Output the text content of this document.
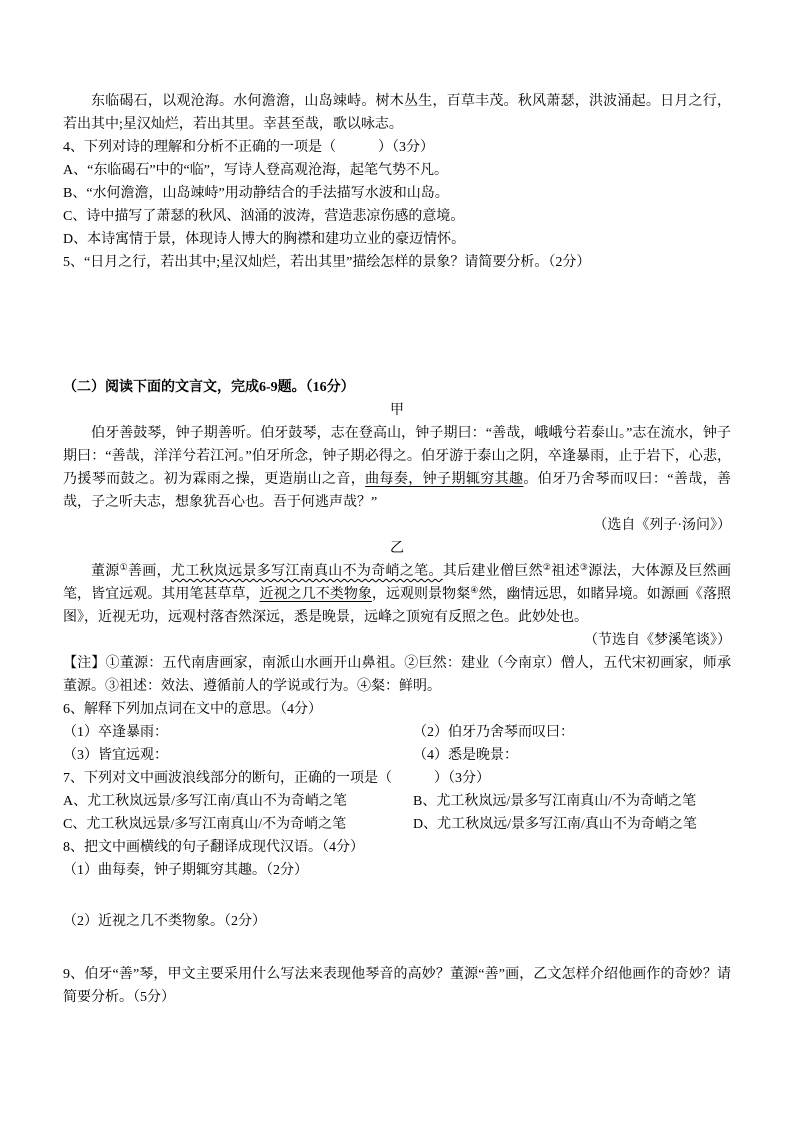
东临碣石，以观沧海。水何澹澹，山岛竦峙。树木丛生，百草丰茂。秋风萧瑟，洪波涌起。日月之行，若出其中;星汉灿烂，若出其里。幸甚至哉，歌以咏志。

4、下列对诗的理解和分析不正确的一项是（　　　）（3分）

A、“东临碣石”中的“临”，写诗人登高观沧海，起笔气势不凡。

B、“水何澹澹，山岛竦峙”用动静结合的手法描写水波和山岛。

C、诗中描写了萧瑟的秋风、汹涌的波涛，营造悲凉伤感的意境。

D、本诗寓情于景，体现诗人博大的胸襟和建功立业的豪迈情怀。

5、“日月之行，若出其中;星汉灿烂，若出其里”描绘怎样的景象？请简要分析。（2分）

（二）阅读下面的文言文，完成6-9题。（16分）

甲

伯牙善鼓琴，钟子期善听。伯牙鼓琴，志在登高山，钟子期曰：“善哉，峨峨兮若泰山。”志在流水，钟子期曰：“善哉，洋洋兮若江河。”伯牙所念，钟子期必得之。伯牙游于泰山之阴，卒逢暴雨，止于岩下，心悲，乃援琴而鼓之。初为霖雨之操，更造崩山之音，曲每奏，钟子期辄穷其趣。伯牙乃舍琴而叹曰：“善哉，善哉，子之听夫志，想象犹吾心也。吾于何逃声哉？”

（选自《列子·汤问》）

乙

董源①善画，尤工秋岚远景多写江南真山不为奇峭之笔。其后建业僧巨然②祖述③源法，大体源及巨然画笔，皆宜远观。其用笔甚草草，近视之几不类物象，远观则景物粲④然，幽情远思，如睹异境。如源画《落照图》，近视无功，远观村落杳然深远，悉是晚景，远峰之顶宛有反照之色。此妙处也。

（节选自《梦溪笔谈》）

【注】①董源：五代南唐画家，南派山水画开山鼻祖。②巨然：建业（今南京）僧人，五代宋初画家，师承董源。③祖述：效法、遵循前人的学说或行为。④粲：鲜明。

6、解释下列加点词在文中的意思。（4分）

（1）卒逢暴雨：	（2）伯牙乃舍琴而叹曰：

（3）皆宜远观：	（4）悉是晚景：

7、下列对文中画波浪线部分的断句，正确的一项是（　　　）（3分）

A、尤工秋岚远景/多写江南/真山不为奇峭之笔	B、尤工秋岚远/景多写江南真山/不为奇峭之笔

C、尤工秋岚远景/多写江南真山/不为奇峭之笔	D、尤工秋岚远/景多写江南/真山不为奇峭之笔

8、把文中画横线的句子翻译成现代汉语。（4分）

（1）曲每奏，钟子期辄穷其趣。（2分）

（2）近视之几不类物象。（2分）

9、伯牙“善”琴，甲文主要采用什么写法来表现他琴音的高妙？董源“善”画，乙文怎样介绍他画作的奇妙？请简要分析。（5分）
